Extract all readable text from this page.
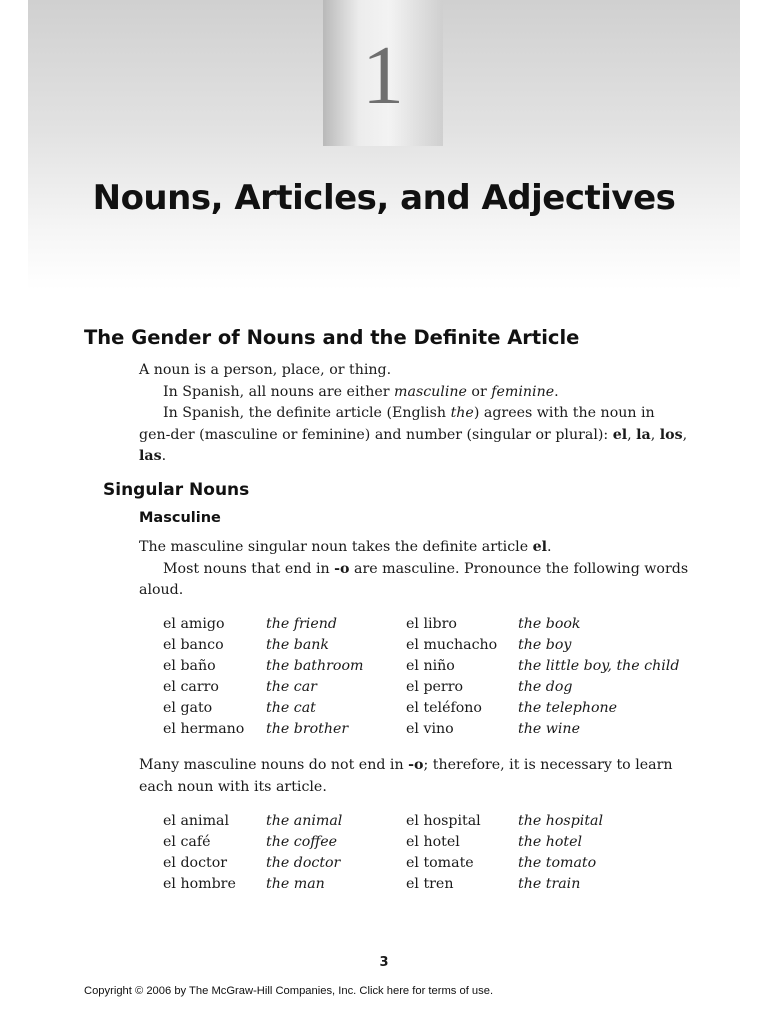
1
Nouns, Articles, and Adjectives
The Gender of Nouns and the Definite Article

A noun is a person, place, or thing.

In Spanish, all nouns are either masculine or feminine.

In Spanish, the definite article (English the) agrees with the noun in gen-der (masculine or feminine) and number (singular or plural): el, la, los, las.

Singular Nouns
Masculine

The masculine singular noun takes the definite article el.

Most nouns that end in -o are masculine. Pronounce the following words aloud.

el amigo	the friend	el libro	the book
el banco	the bank	el muchacho the boy
el baño	the bathroom	el niño	the little boy, the child
el carro	the car	el perro	the dog
el gato	the cat	el teléfono	the telephone
el hermano the brother	el vino	the wine

Many masculine nouns do not end in -o; therefore, it is necessary to learn each noun with its article.

el animal	the animal	el hospital	the hospital
el café	the coffee	el hotel	the hotel
el doctor	the doctor	el tomate	the tomato
el hombre the man	el tren	the train
3
Copyright © 2006 by The McGraw-Hill Companies, Inc. Click here for terms of use.
